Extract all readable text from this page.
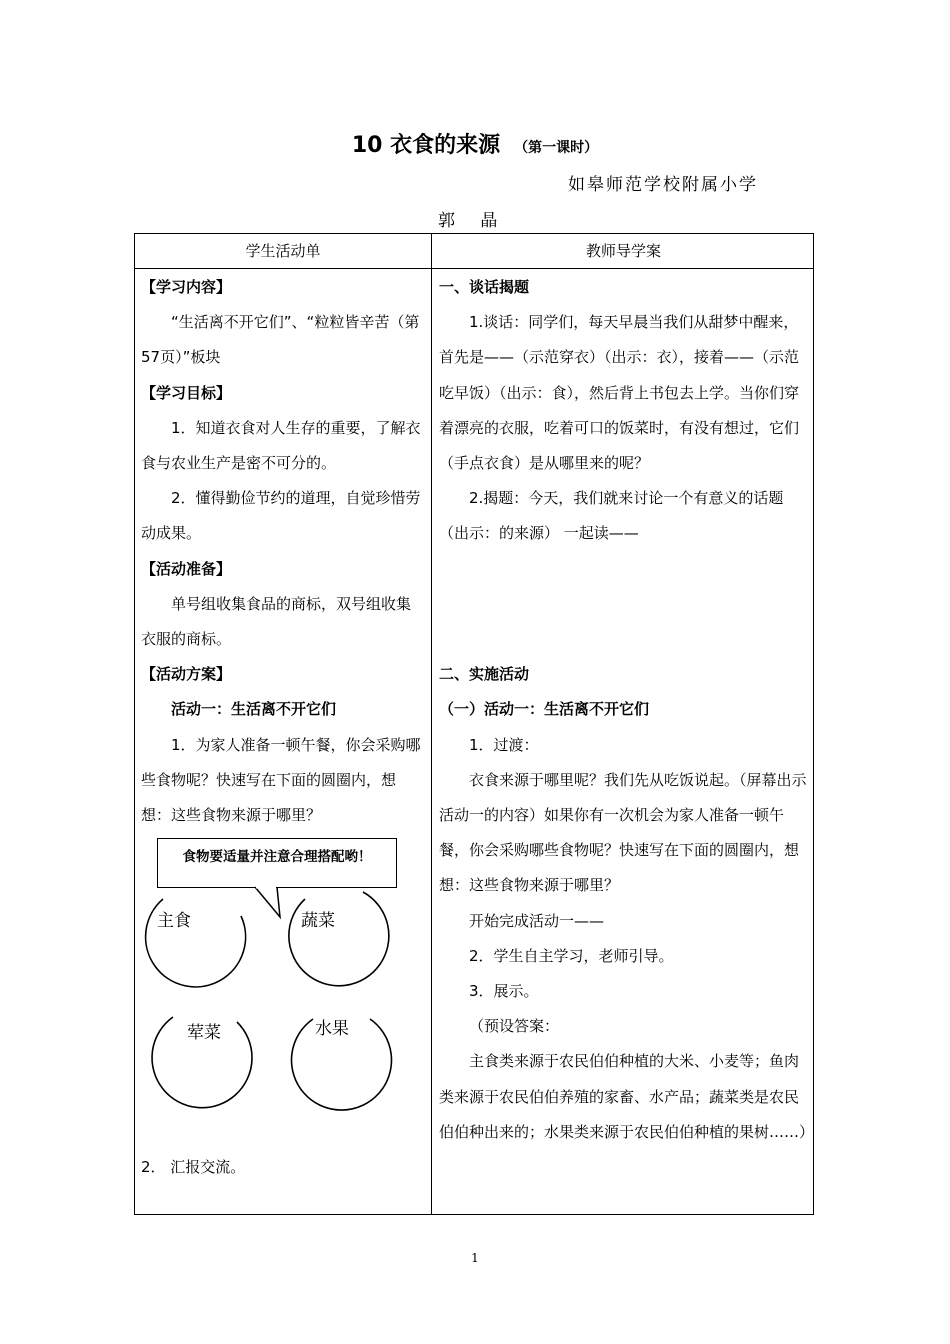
10 衣食的来源 （第一课时）
如皋师范学校附属小学
郭 晶
学生活动单	教师导学案

【学习内容】

“生活离不开它们”、“粒粒皆辛苦（第57页）”板块

【学习目标】

1．知道衣食对人生存的重要，了解衣食与农业生产是密不可分的。

2．懂得勤俭节约的道理，自觉珍惜劳动成果。

【活动准备】

单号组收集食品的商标，双号组收集衣服的商标。

【活动方案】

活动一：生活离不开它们

1．为家人准备一顿午餐，你会采购哪些食物呢？快速写在下面的圆圈内，想想：这些食物来源于哪里？

食物要适量并注意合理搭配哟！
主食	蔬菜
荤菜	水果
2． 汇报交流。

一、谈话揭题

1.谈话：同学们，每天早晨当我们从甜梦中醒来，首先是——（示范穿衣）（出示：衣），接着——（示范吃早饭）（出示：食），然后背上书包去上学。当你们穿着漂亮的衣服，吃着可口的饭菜时，有没有想过，它们（手点衣食）是从哪里来的呢？

2.揭题：今天，我们就来讨论一个有意义的话题（出示：的来源） 一起读——

二、实施活动

（一）活动一：生活离不开它们

1．过渡：

衣食来源于哪里呢？我们先从吃饭说起。（屏幕出示活动一的内容）如果你有一次机会为家人准备一顿午餐，你会采购哪些食物呢？快速写在下面的圆圈内，想想：这些食物来源于哪里？

开始完成活动一——

2．学生自主学习，老师引导。

3．展示。

（预设答案：

主食类来源于农民伯伯种植的大米、小麦等；鱼肉类来源于农民伯伯养殖的家畜、水产品；蔬菜类是农民伯伯种出来的；水果类来源于农民伯伯种植的果树……）

1
